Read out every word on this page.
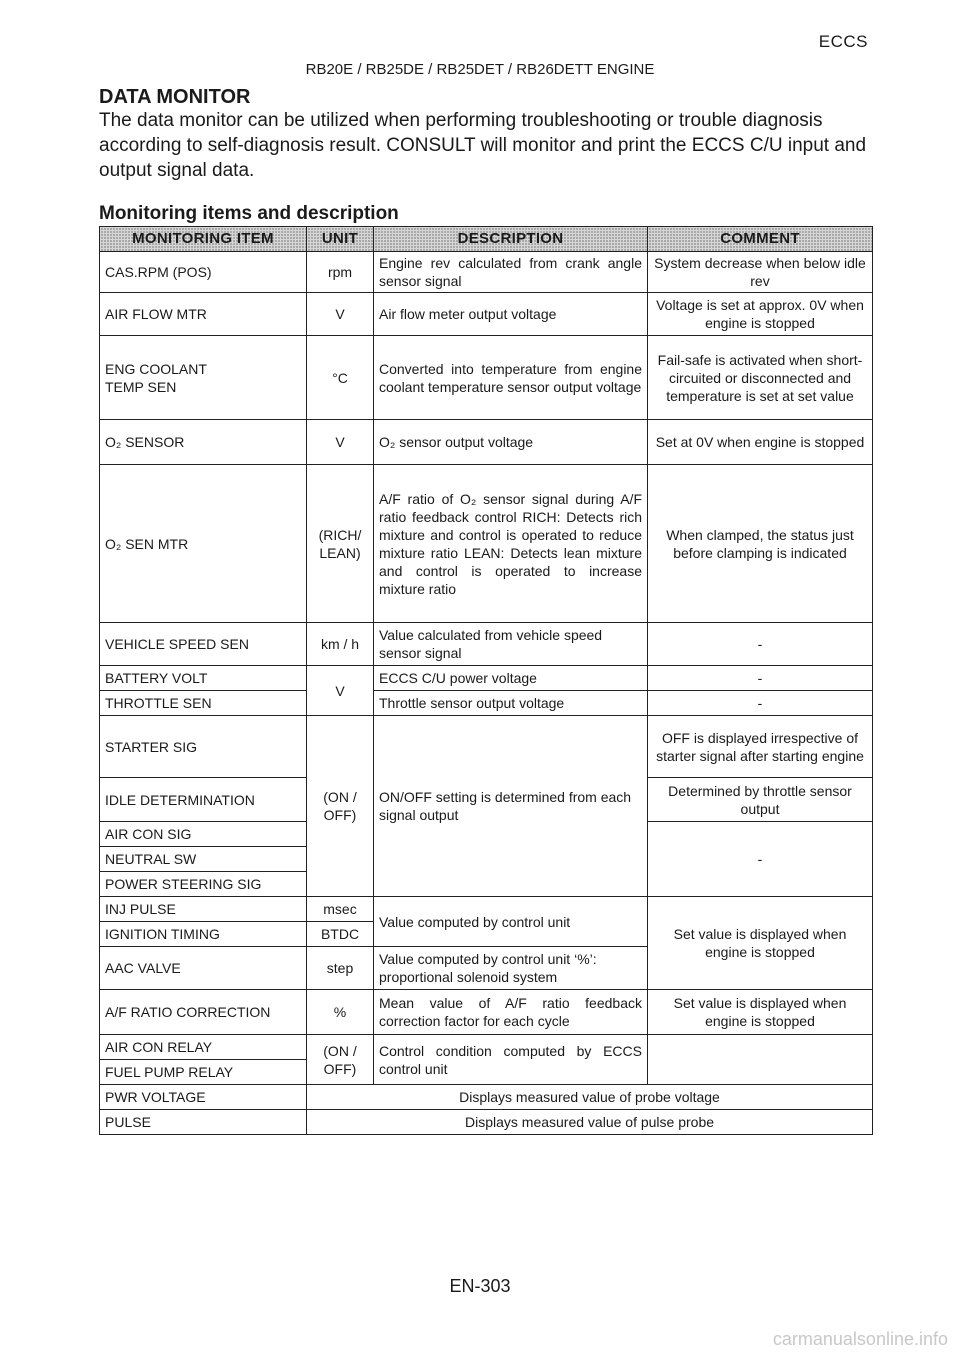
ECCS
RB20E / RB25DE / RB25DET / RB26DETT ENGINE
DATA MONITOR
The data monitor can be utilized when performing troubleshooting or trouble diagnosis according to self-diagnosis result. CONSULT will monitor and print the ECCS C/U input and output signal data.
Monitoring items and description
MONITORING ITEM	UNIT	DESCRIPTION	COMMENT
CAS.RPM (POS)	rpm	Engine rev calculated from crank angle sensor signal	System decrease when below idle rev
AIR FLOW MTR	V	Air flow meter output voltage	Voltage is set at approx. 0V when engine is stopped
ENG COOLANT TEMP SEN	°C	Converted into temperature from engine coolant temperature sensor output voltage	Fail-safe is activated when short-circuited or disconnected and temperature is set at set value
O₂ SENSOR	V	O₂ sensor output voltage	Set at 0V when engine is stopped
O₂ SEN MTR	(RICH/ LEAN)	A/F ratio of O₂ sensor signal during A/F ratio feedback control RICH: Detects rich mixture and control is operated to reduce mixture ratio LEAN: Detects lean mixture and control is operated to increase mixture ratio	When clamped, the status just before clamping is indicated
VEHICLE SPEED SEN	km / h	Value calculated from vehicle speed sensor signal	-
BATTERY VOLT	V	ECCS C/U power voltage	-
THROTTLE SEN		Throttle sensor output voltage	-
STARTER SIG	(ON / OFF)	ON/OFF setting is determined from each signal output	OFF is displayed irrespective of starter signal after starting engine
IDLE DETERMINATION			Determined by throttle sensor output
AIR CON SIG			-
NEUTRAL SW			
POWER STEERING SIG			
INJ PULSE	msec	Value computed by control unit	Set value is displayed when engine is stopped
IGNITION TIMING	BTDC		
AAC VALVE	step	Value computed by control unit ‘%’: proportional solenoid system	
A/F RATIO CORRECTION	%	Mean value of A/F ratio feedback correction factor for each cycle	Set value is displayed when engine is stopped
AIR CON RELAY	(ON / OFF)	Control condition computed by ECCS control unit	
FUEL PUMP RELAY			
PWR VOLTAGE	Displays measured value of probe voltage		
PULSE	Displays measured value of pulse probe		
EN-303
carmanualsonline.info
